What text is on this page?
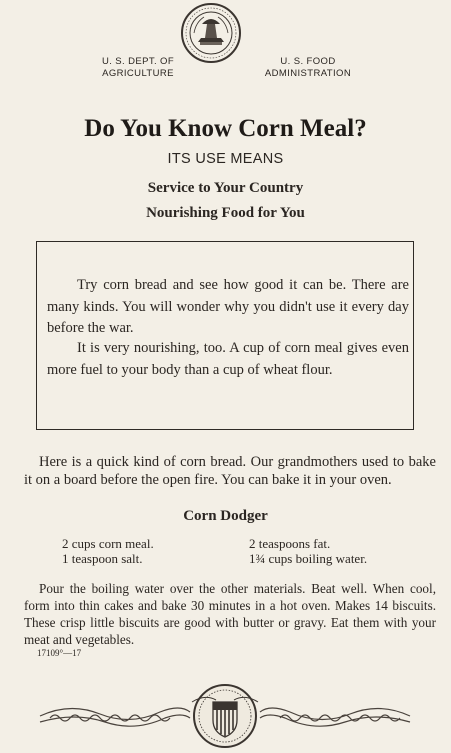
U. S. DEPT. OF
AGRICULTURE
U. S. FOOD
ADMINISTRATION
Do You Know Corn Meal?
ITS USE MEANS
Service to Your Country
Nourishing Food for You

Try corn bread and see how good it can be. There are many kinds. You will wonder why you didn't use it every day before the war.

It is very nourishing, too. A cup of corn meal gives even more fuel to your body than a cup of wheat flour.

Here is a quick kind of corn bread. Our grandmothers used to bake it on a board before the open fire. You can bake it in your oven.

Corn Dodger

2 cups corn meal.

1 teaspoon salt.

2 teaspoons fat.

1¾ cups boiling water.

Pour the boiling water over the other materials. Beat well. When cool, form into thin cakes and bake 30 minutes in a hot oven. Makes 14 biscuits. These crisp little biscuits are good with butter or gravy. Eat them with your meat and vegetables.

17109°—17
